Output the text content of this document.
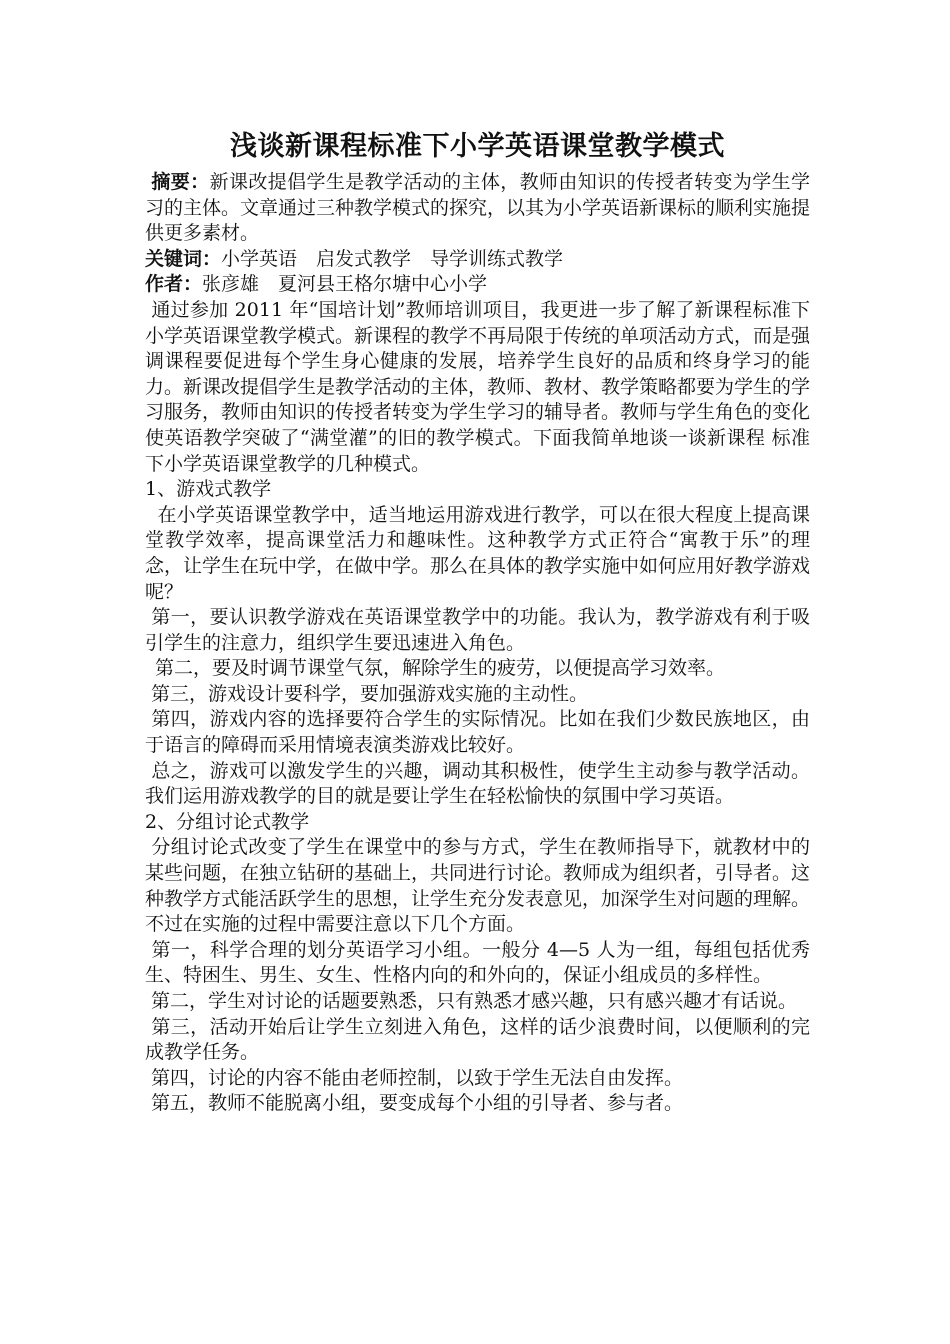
浅谈新课程标准下小学英语课堂教学模式

摘要：新课改提倡学生是教学活动的主体，教师由知识的传授者转变为学生学习的主体。文章通过三种教学模式的探究，以其为小学英语新课标的顺利实施提供更多素材。

关键词：小学英语　启发式教学　导学训练式教学

作者：张彦雄　夏河县王格尔塘中心小学

通过参加 2011 年“国培计划”教师培训项目，我更进一步了解了新课程标准下小学英语课堂教学模式。新课程的教学不再局限于传统的单项活动方式，而是强调课程要促进每个学生身心健康的发展，培养学生良好的品质和终身学习的能力。新课改提倡学生是教学活动的主体，教师、教材、教学策略都要为学生的学习服务，教师由知识的传授者转变为学生学习的辅导者。教师与学生角色的变化使英语教学突破了“满堂灌”的旧的教学模式。下面我简单地谈一谈新课程 标准下小学英语课堂教学的几种模式。

1、游戏式教学

在小学英语课堂教学中，适当地运用游戏进行教学，可以在很大程度上提高课堂教学效率，提高课堂活力和趣味性。这种教学方式正符合“寓教于乐”的理念，让学生在玩中学，在做中学。那么在具体的教学实施中如何应用好教学游戏呢？

第一，要认识教学游戏在英语课堂教学中的功能。我认为，教学游戏有利于吸引学生的注意力，组织学生要迅速进入角色。

第二，要及时调节课堂气氛，解除学生的疲劳，以便提高学习效率。

第三，游戏设计要科学，要加强游戏实施的主动性。

第四，游戏内容的选择要符合学生的实际情况。比如在我们少数民族地区，由于语言的障碍而采用情境表演类游戏比较好。

总之，游戏可以激发学生的兴趣，调动其积极性，使学生主动参与教学活动。我们运用游戏教学的目的就是要让学生在轻松愉快的氛围中学习英语。

2、分组讨论式教学

分组讨论式改变了学生在课堂中的参与方式，学生在教师指导下，就教材中的某些问题，在独立钻研的基础上，共同进行讨论。教师成为组织者，引导者。这种教学方式能活跃学生的思想，让学生充分发表意见，加深学生对问题的理解。不过在实施的过程中需要注意以下几个方面。

第一，科学合理的划分英语学习小组。一般分 4—5 人为一组，每组包括优秀生、特困生、男生、女生、性格内向的和外向的，保证小组成员的多样性。

第二，学生对讨论的话题要熟悉，只有熟悉才感兴趣，只有感兴趣才有话说。

第三，活动开始后让学生立刻进入角色，这样的话少浪费时间，以便顺利的完成教学任务。

第四，讨论的内容不能由老师控制，以致于学生无法自由发挥。

第五，教师不能脱离小组，要变成每个小组的引导者、参与者。
